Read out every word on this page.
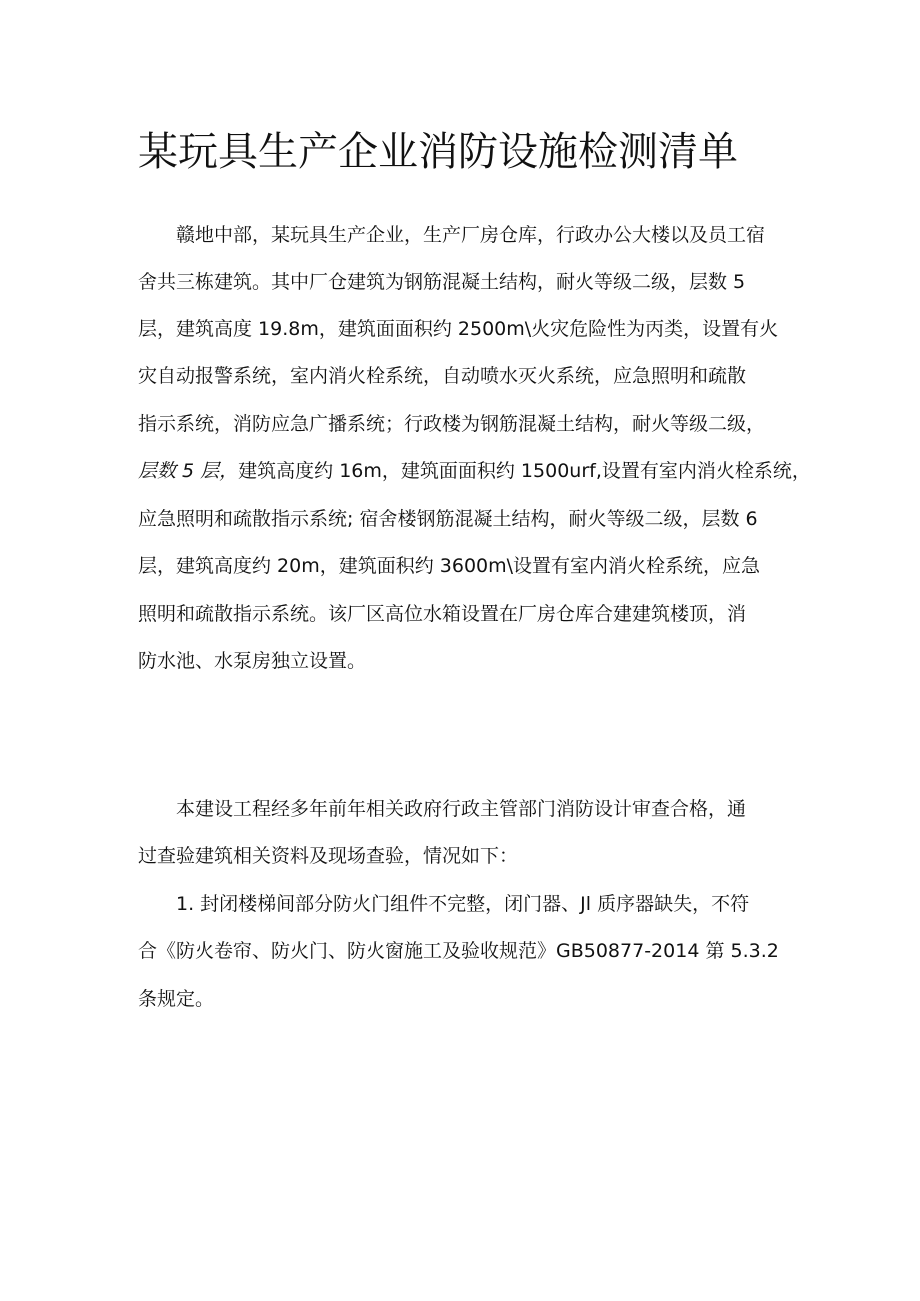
某玩具生产企业消防设施检测清单

赣地中部，某玩具生产企业，生产厂房仓库，行政办公大楼以及员工宿

舍共三栋建筑。其中厂仓建筑为钢筋混凝土结构，耐火等级二级，层数 5

层，建筑高度 19.8m，建筑面面积约 2500m\火灾危险性为丙类，设置有火

灾自动报警系统，室内消火栓系统，自动喷水灭火系统，应急照明和疏散

指示系统，消防应急广播系统；行政楼为钢筋混凝土结构，耐火等级二级，

层数 5 层，建筑高度约 16m，建筑面面积约 1500urf,设置有室内消火栓系统，

应急照明和疏散指示系统; 宿舍楼钢筋混凝土结构，耐火等级二级，层数 6

层，建筑高度约 20m，建筑面积约 3600m\设置有室内消火栓系统，应急

照明和疏散指示系统。该厂区高位水箱设置在厂房仓库合建建筑楼顶，消

防水池、水泵房独立设置。

本建设工程经多年前年相关政府行政主管部门消防设计审查合格，通

过查验建筑相关资料及现场查验，情况如下：

1. 封闭楼梯间部分防火门组件不完整，闭门器、Jl 质序器缺失，不符

合《防火卷帘、防火门、防火窗施工及验收规范》GB50877-2014 第 5.3.2

条规定。
